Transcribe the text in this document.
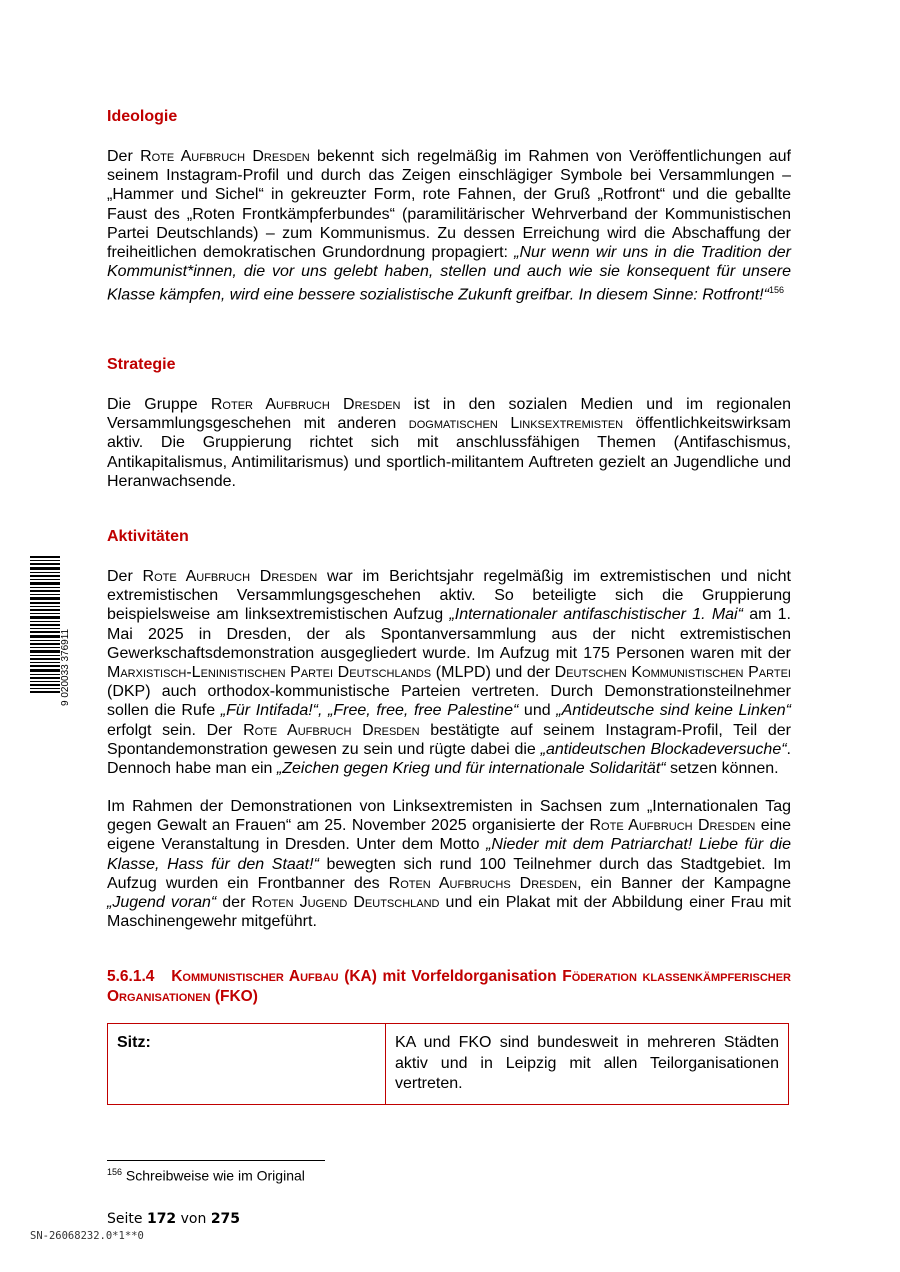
9 020033 376911
Ideologie

Der Rote Aufbruch Dresden bekennt sich regelmäßig im Rahmen von Veröffentlichungen auf seinem Instagram-Profil und durch das Zeigen einschlägiger Symbole bei Versammlungen – „Hammer und Sichel“ in gekreuzter Form, rote Fahnen, der Gruß „Rotfront“ und die geballte Faust des „Roten Frontkämpferbundes“ (paramilitärischer Wehrverband der Kommunistischen Partei Deutschlands) – zum Kommunismus. Zu dessen Erreichung wird die Abschaffung der freiheitlichen demokratischen Grundordnung propagiert: „Nur wenn wir uns in die Tradition der Kommunist*innen, die vor uns gelebt haben, stellen und auch wie sie konsequent für unsere Klasse kämpfen, wird eine bessere sozialistische Zukunft greifbar. In diesem Sinne: Rotfront!“$^{156}$

Strategie

Die Gruppe Roter Aufbruch Dresden ist in den sozialen Medien und im regionalen Versammlungsgeschehen mit anderen dogmatischen Linksextremisten öffentlichkeitswirksam aktiv. Die Gruppierung richtet sich mit anschlussfähigen Themen (Antifaschismus, Antikapitalismus, Antimilitarismus) und sportlich-militantem Auftreten gezielt an Jugendliche und Heranwachsende.

Aktivitäten

Der Rote Aufbruch Dresden war im Berichtsjahr regelmäßig im extremistischen und nicht extremistischen Versammlungsgeschehen aktiv. So beteiligte sich die Gruppierung beispielsweise am linksextremistischen Aufzug „Internationaler antifaschistischer 1. Mai“ am 1. Mai 2025 in Dresden, der als Spontanversammlung aus der nicht extremistischen Gewerkschaftsdemonstration ausgegliedert wurde. Im Aufzug mit 175 Personen waren mit der Marxistisch-Leninistischen Partei Deutschlands (MLPD) und der Deutschen Kommunistischen Partei (DKP) auch orthodox-kommunistische Parteien vertreten. Durch Demonstrationsteilnehmer sollen die Rufe „Für Intifada!“, „Free, free, free Palestine“ und „Antideutsche sind keine Linken“ erfolgt sein. Der Rote Aufbruch Dresden bestätigte auf seinem Instagram-Profil, Teil der Spontandemonstration gewesen zu sein und rügte dabei die „antideutschen Blockadeversuche“. Dennoch habe man ein „Zeichen gegen Krieg und für internationale Solidarität“ setzen können.

Im Rahmen der Demonstrationen von Linksextremisten in Sachsen zum „Internationalen Tag gegen Gewalt an Frauen“ am 25. November 2025 organisierte der Rote Aufbruch Dresden eine eigene Veranstaltung in Dresden. Unter dem Motto „Nieder mit dem Patriarchat! Liebe für die Klasse, Hass für den Staat!“ bewegten sich rund 100 Teilnehmer durch das Stadtgebiet. Im Aufzug wurden ein Frontbanner des Roten Aufbruchs Dresden, ein Banner der Kampagne „Jugend voran“ der Roten Jugend Deutschland und ein Plakat mit der Abbildung einer Frau mit Maschinengewehr mitgeführt.

5.6.1.4 Kommunistischer Aufbau (KA) mit Vorfeldorganisation Föderation klassenkämpferischer Organisationen (FKO)
Sitz:	KA und FKO sind bundesweit in mehreren Städten aktiv und in Leipzig mit allen Teilorganisationen vertreten.
$^{156}$ Schreibweise wie im Original
Seite 172 von 275
SN-26068232.0*1**0
